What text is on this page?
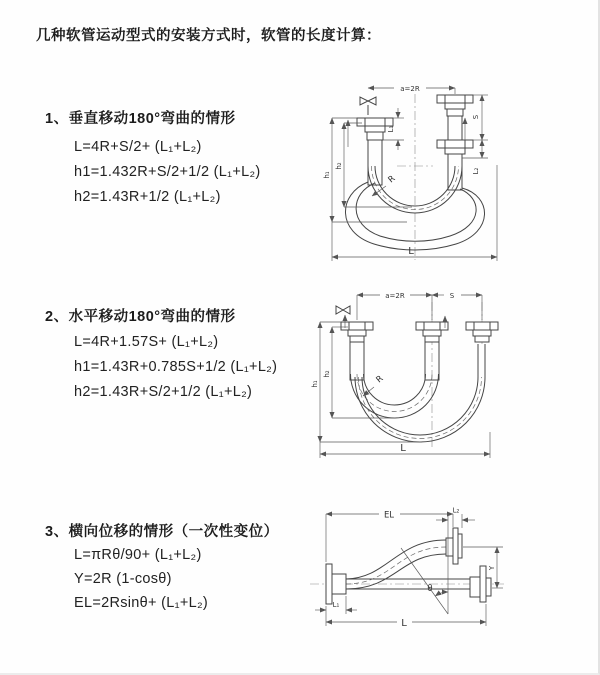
几种软管运动型式的安装方式时，软管的长度计算：
1、垂直移动180°弯曲的情形
L=4R+S/2+ (L₁+L₂)
h1=1.432R+S/2+1/2 (L₁+L₂)
h2=1.43R+1/2 (L₁+L₂)
2、水平移动180°弯曲的情形
L=4R+1.57S+ (L₁+L₂)
h1=1.43R+0.785S+1/2 (L₁+L₂)
h2=1.43R+S/2+1/2 (L₁+L₂)
3、横向位移的情形（一次性变位）
L=πRθ/90+ (L₁+L₂)
Y=2R (1-cosθ)
EL=2Rsinθ+ (L₁+L₂)
a=2R
h₁
h₂
L₁
S
L₂
L
R
a=2R	S
h₁
h₂
L
R
EL	L₂
Y
θ
L₁
L
